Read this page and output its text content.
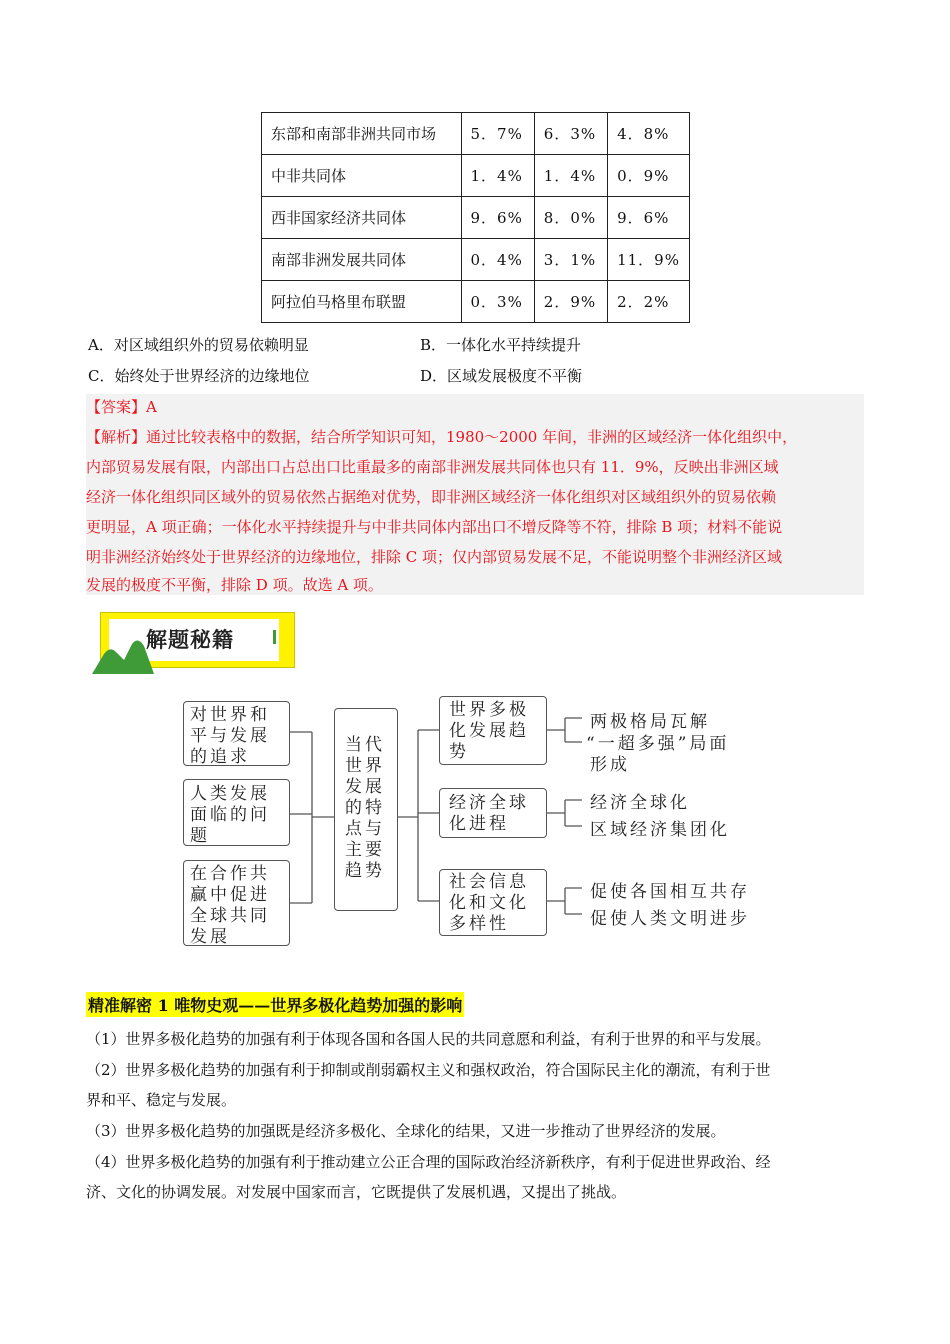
东部和南部非洲共同市场	5．7%	6．3%	4．8%
中非共同体	1．4%	1．4%	0．9%
西非国家经济共同体	9．6%	8．0%	9．6%
南部非洲发展共同体	0．4%	3．1%	11．9%
阿拉伯马格里布联盟	0．3%	2．9%	2．2%
A．对区域组织外的贸易依赖明显	B．一体化水平持续提升
C．始终处于世界经济的边缘地位	D．区域发展极度不平衡
【答案】A
【解析】通过比较表格中的数据，结合所学知识可知，1980～2000 年间，非洲的区域经济一体化组织中，
内部贸易发展有限，内部出口占总出口比重最多的南部非洲发展共同体也只有 11．9%，反映出非洲区域
经济一体化组织同区域外的贸易依然占据绝对优势，即非洲区域经济一体化组织对区域组织外的贸易依赖
更明显，A 项正确；一体化水平持续提升与中非共同体内部出口不增反降等不符，排除 B 项；材料不能说
明非洲经济始终处于世界经济的边缘地位，排除 C 项；仅内部贸易发展不足，不能说明整个非洲经济区域
发展的极度不平衡，排除 D 项。故选 A 项。
解题秘籍
对世界和平与发展的追求
人类发展面临的问题
在合作共赢中促进全球共同发展
当代世界发展的特点与主要趋势
世界多极化发展趋势
经济全球化进程
社会信息化和文化多样性
两极格局瓦解
“一超多强”局面
形成
经济全球化
区域经济集团化
促使各国相互共存
促使人类文明进步
精准解密 1 唯物史观——世界多极化趋势加强的影响
（1）世界多极化趋势的加强有利于体现各国和各国人民的共同意愿和利益，有利于世界的和平与发展。
（2）世界多极化趋势的加强有利于抑制或削弱霸权主义和强权政治，符合国际民主化的潮流，有利于世
界和平、稳定与发展。
（3）世界多极化趋势的加强既是经济多极化、全球化的结果，又进一步推动了世界经济的发展。
（4）世界多极化趋势的加强有利于推动建立公正合理的国际政治经济新秩序，有利于促进世界政治、经
济、文化的协调发展。对发展中国家而言，它既提供了发展机遇，又提出了挑战。
